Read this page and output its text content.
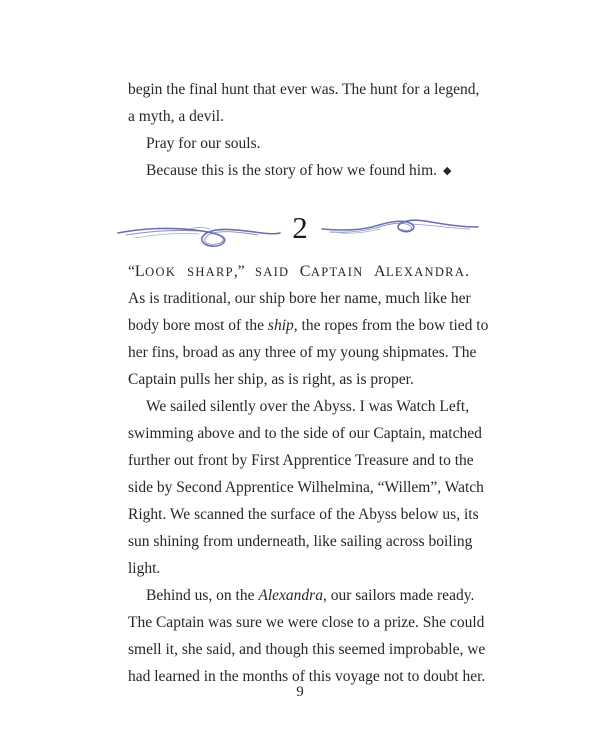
begin the final hunt that ever was. The hunt for a legend,
a myth, a devil.
Pray for our souls.
Because this is the story of how we found him. ◆
2
“LOOK SHARP,” SAID CAPTAIN ALEXANDRA.
As is traditional, our ship bore her name, much like her
body bore most of the ship, the ropes from the bow tied to
her fins, broad as any three of my young shipmates. The
Captain pulls her ship, as is right, as is proper.
We sailed silently over the Abyss. I was Watch Left,
swimming above and to the side of our Captain, matched
further out front by First Apprentice Treasure and to the
side by Second Apprentice Wilhelmina, “Willem”, Watch
Right. We scanned the surface of the Abyss below us, its
sun shining from underneath, like sailing across boiling
light.
Behind us, on the Alexandra, our sailors made ready.
The Captain was sure we were close to a prize. She could
smell it, she said, and though this seemed improbable, we
had learned in the months of this voyage not to doubt her.
9
